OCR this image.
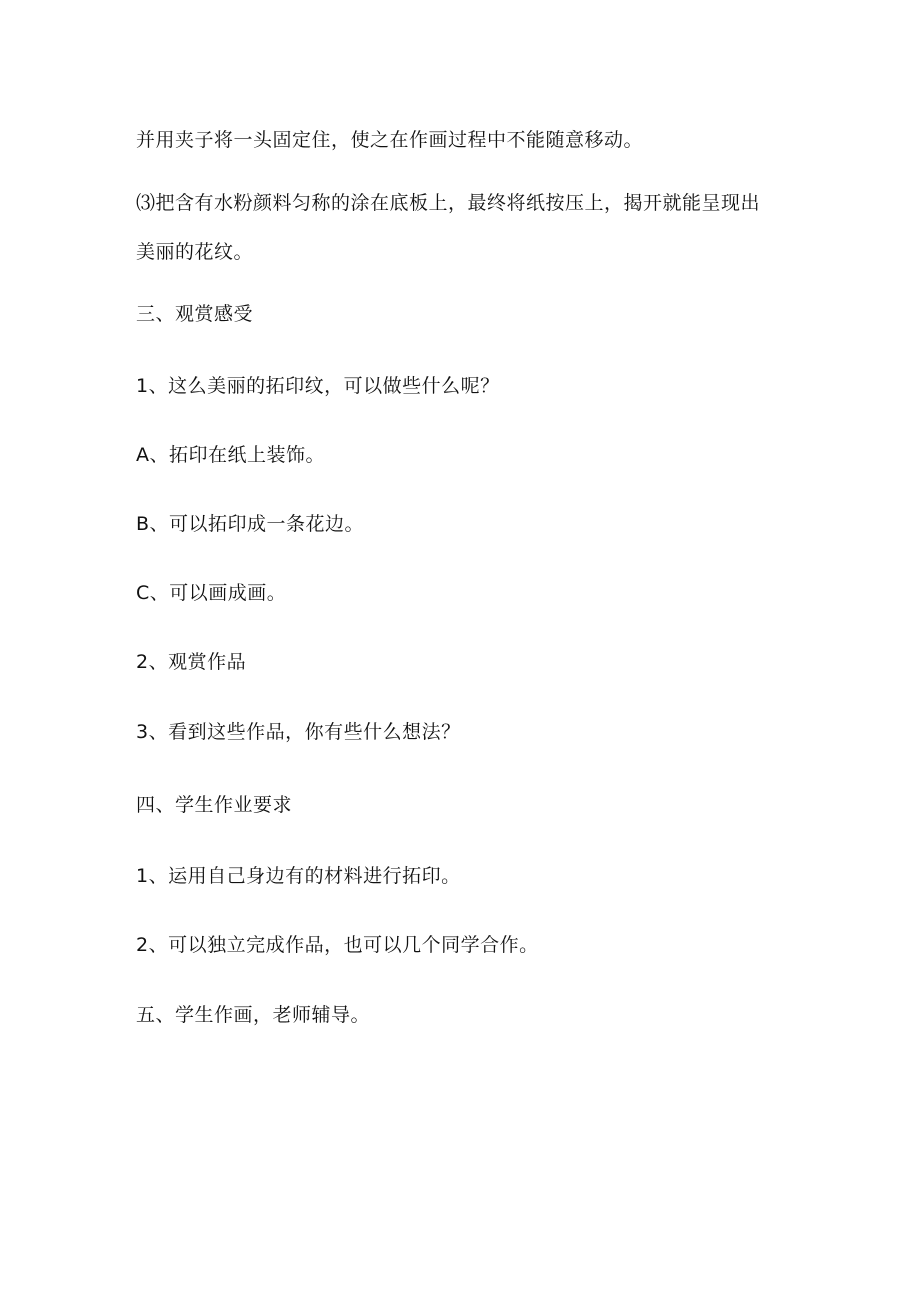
并用夹子将一头固定住，使之在作画过程中不能随意移动。
⑶把含有水粉颜料匀称的涂在底板上，最终将纸按压上，揭开就能呈现出
美丽的花纹。
三、观赏感受
1、这么美丽的拓印纹，可以做些什么呢？
A、拓印在纸上装饰。
B、可以拓印成一条花边。
C、可以画成画。
2、观赏作品
3、看到这些作品，你有些什么想法？
四、学生作业要求
1、运用自己身边有的材料进行拓印。
2、可以独立完成作品，也可以几个同学合作。
五、学生作画，老师辅导。
